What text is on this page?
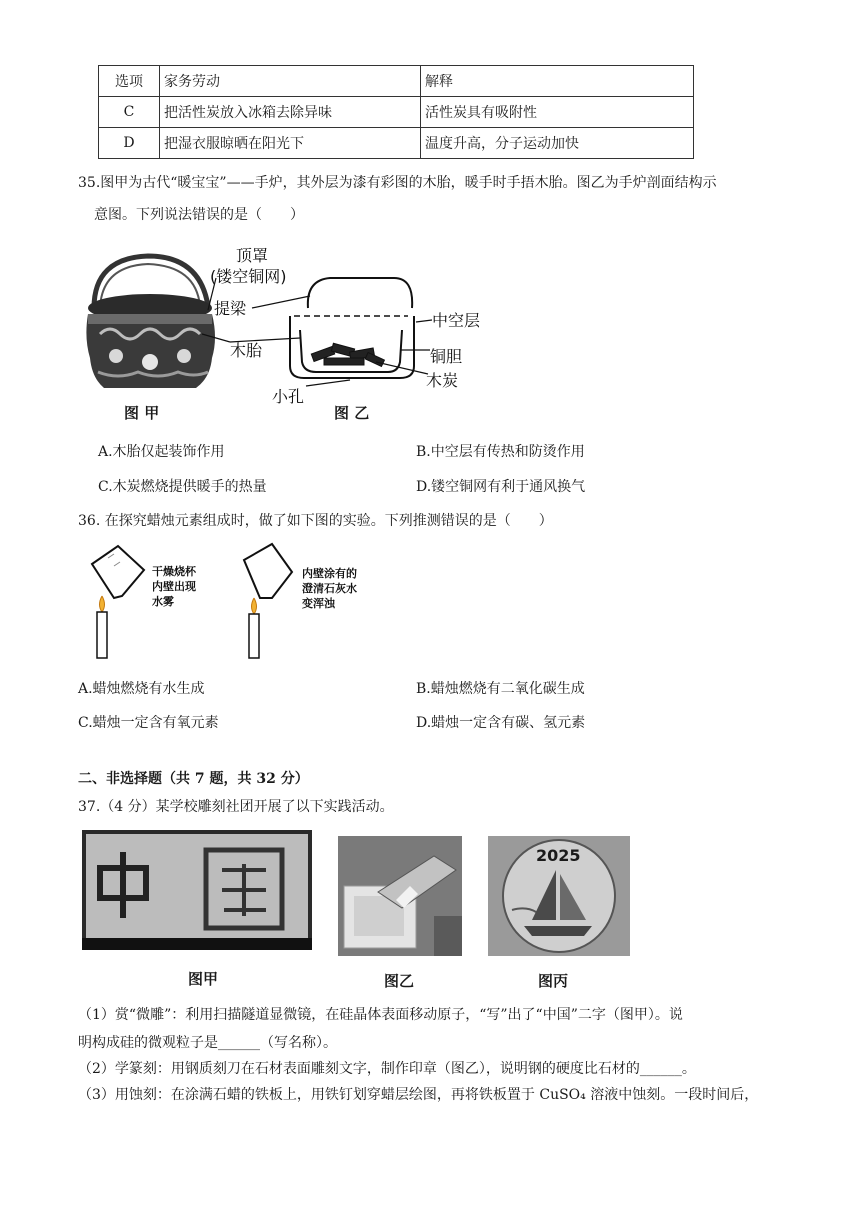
选项	家务劳动	解释
C	把活性炭放入冰箱去除异味	活性炭具有吸附性
D	把湿衣服晾晒在阳光下	温度升高，分子运动加快
35.图甲为古代“暖宝宝”——手炉，其外层为漆有彩图的木胎，暖手时手捂木胎。图乙为手炉剖面结构示
意图。下列说法错误的是（　　）
顶罩
(镂空铜网)
提梁
木胎
中空层
铜胆
木炭
小孔
图 甲	图 乙
A.木胎仅起装饰作用	B.中空层有传热和防烫作用
C.木炭燃烧提供暖手的热量	D.镂空铜网有利于通风换气
36. 在探究蜡烛元素组成时，做了如下图的实验。下列推测错误的是（　　）
干燥烧杯
内壁出现
水雾
内壁涂有的
澄清石灰水
变浑浊
A.蜡烛燃烧有水生成	B.蜡烛燃烧有二氧化碳生成
C.蜡烛一定含有氧元素	D.蜡烛一定含有碳、氢元素
二、非选择题（共 7 题，共 32 分）
37.（4 分）某学校雕刻社团开展了以下实践活动。
2025
图甲	图乙	图丙
（1）赏“微雕”：利用扫描隧道显微镜，在硅晶体表面移动原子，“写”出了“中国”二字（图甲）。说
明构成硅的微观粒子是______（写名称）。
（2）学篆刻：用钢质刻刀在石材表面雕刻文字，制作印章（图乙），说明钢的硬度比石材的______。
（3）用蚀刻：在涂满石蜡的铁板上，用铁钉划穿蜡层绘图，再将铁板置于 CuSO₄ 溶液中蚀刻。一段时间后，
